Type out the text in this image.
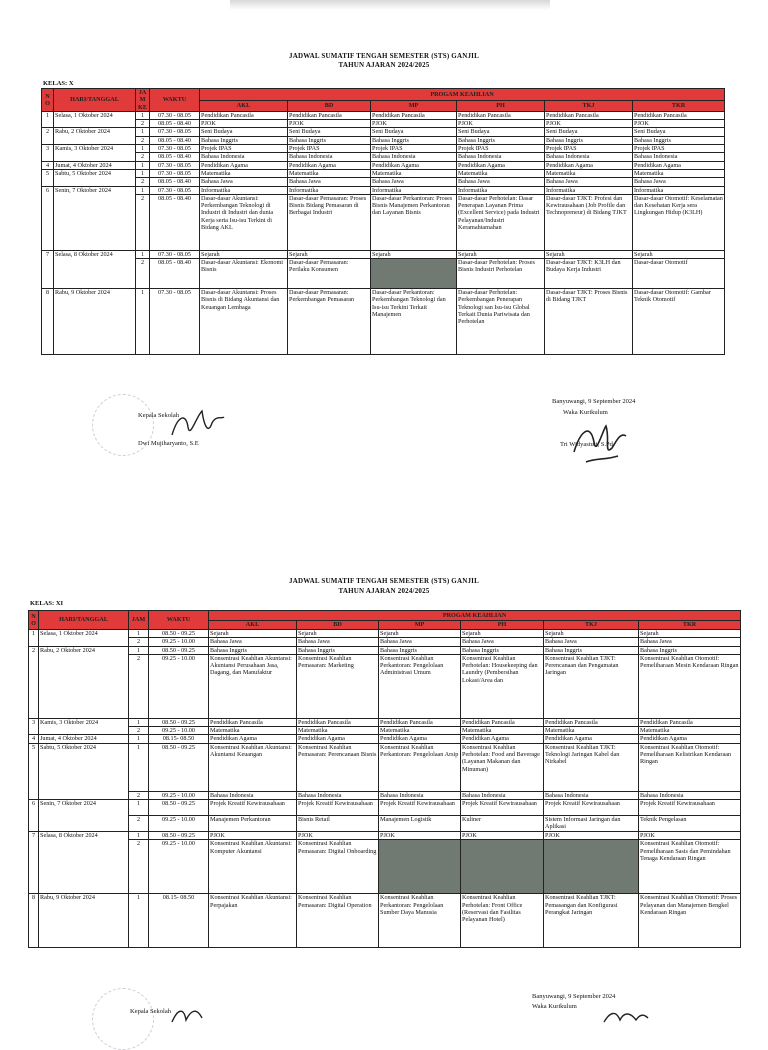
JADWAL SUMATIF TENGAH SEMESTER (STS) GANJIL
TAHUN AJARAN 2024/2025
KELAS: X
NO	HARI/TANGGAL	JAM KE	WAKTU	PROGAM KEAHLIAN					
				AKL	BD	MP	PH	TKJ	TKR
1	Selasa, 1 Oktober 2024	1	07.30 - 08.05	Pendidikan Pancasila	Pendidikan Pancasila	Pendidikan Pancasila	Pendidikan Pancasila	Pendidikan Pancasila	Pendidikan Pancasila
		2	08.05 - 08.40	PJOK	PJOK	PJOK	PJOK	PJOK	PJOK
2	Rabu, 2 Oktober 2024	1	07.30 - 08.05	Seni Budaya	Seni Budaya	Seni Budaya	Seni Budaya	Seni Budaya	Seni Budaya
		2	08.05 - 08.40	Bahasa Inggris	Bahasa Inggris	Bahasa Inggris	Bahasa Inggris	Bahasa Inggris	Bahasa Inggris
3	Kamis, 3 Oktober 2024	1	07.30 - 08.05	Projek IPAS	Projek IPAS	Projek IPAS	Projek IPAS	Projek IPAS	Projek IPAS
		2	08.05 - 08.40	Bahasa Indonesia	Bahasa Indonesia	Bahasa Indonesia	Bahasa Indonesia	Bahasa Indonesia	Bahasa Indonesia
4	Jumat, 4 Oktober 2024	1	07.30 - 08.05	Pendidikan Agama	Pendidikan Agama	Pendidikan Agama	Pendidikan Agama	Pendidikan Agama	Pendidikan Agama
5	Sabtu, 5 Oktober 2024	1	07.30 - 08.05	Matematika	Matematika	Matematika	Matematika	Matematika	Matematika
		2	08.05 - 08.40	Bahasa Jawa	Bahasa Jawa	Bahasa Jawa	Bahasa Jawa	Bahasa Jawa	Bahasa Jawa
6	Senin, 7 Oktober 2024	1	07.30 - 08.05	Informatika	Informatika	Informatika	Informatika	Informatika	Informatika
		2	08.05 - 08.40	Dasar-dasar Akuntansi: Perkembangan Teknologi di Industri di Industri dan dunia Kerja serta Isu-isu Terkini di Bidang AKL	Dasar-dasar Pemasaran: Proses Bisnis Bidang Pemasaran di Berbagai Industri	Dasar-dasar Perkantoran: Proses Bisnis Manajemen Perkantoran dan Layanan Bisnis	Dasar-dasar Perhotelan: Dasar Penerapan Layanan Prima (Excellent Service) pada Industri Pelayanan/Industri Keramahtamahan	Dasar-dasar TJKT: Profesi dan Kewirausahaan (Job Profile dan Technopreneur) di Bidang TJKT	Dasar-dasar Otomotif: Keselamatan dan Kesehatan Kerja sera Lingkungan Hidup (K3LH)
7	Selasa, 8 Oktober 2024	1	07.30 - 08.05	Sejarah	Sejarah	Sejarah	Sejarah	Sejarah	Sejarah
		2	08.05 - 08.40	Dasar-dasar Akuntansi: Ekonomi Bisnis	Dasar-dasar Pemasaran: Perilaku Konsumen		Dasar-dasar Perhotelan: Proses Bisnis Industri Perhotelan	Dasar-dasar TJKT: K3LH dan Budaya Kerja Industri	Dasar-dasar Otomotif
8	Rabu, 9 Oktober 2024	1	07.30 - 08.05	Dasar-dasar Akuntansi: Proses Bisnis di Bidang Akuntansi dan Keuangan Lembaga	Dasar-dasar Pemasaran: Perkembangan Pemasaran	Dasar-dasar Perkantoran: Perkembangan Teknologi dan Isu-isu Terkini Terkait Manajemen	Dasar-dasar Perhotelan: Perkembangan Penerapan Teknologi san Isu-isu Global Terkait Dunia Pariwisata dan Perhotelan	Dasar-dasar TJKT: Proses Bisnis di Bidang TJKT	Dasar-dasar Otomotif: Gambar Teknik Otomotif
Kepala Sekolah
Dwi Mujiharyanto, S.E
Banyuwangi, 9 September 2024
Waka Kurikulum
Tri Widyastuti, S.Pd
JADWAL SUMATIF TENGAH SEMESTER (STS) GANJIL
TAHUN AJARAN 2024/2025
KELAS: XI
NO	HARI/TANGGAL	JAM	WAKTU	PROGAM KEAHLIAN					
				AKL	BD	MP	PH	TKJ	TKR
1	Selasa, 1 Oktober 2024	1	08.50 - 09.25	Sejarah	Sejarah	Sejarah	Sejarah	Sejarah	Sejarah
		2	09.25 - 10.00	Bahasa Jawa	Bahasa Jawa	Bahasa Jawa	Bahasa Jawa	Bahasa Jawa	Bahasa Jawa
2	Rabu, 2 Oktober 2024	1	08.50 - 09.25	Bahasa Inggris	Bahasa Inggris	Bahasa Inggris	Bahasa Inggris	Bahasa Inggris	Bahasa Inggris
		2	09.25 - 10.00	Konsentrasi Keahlian Akuntansi: Akuntansi Perusahaan Jasa, Dagang, dan Manufaktur	Konsentrasi Keahlian Pemasaran: Marketing	Konsentrasi Keahlian Perkantoran: Pengelolaan Administrasi Umum	Konsentrasi Keahlian Perhotelan: Housekeeping dan Laundry (Pembersihan Lokasi/Area dan	Konsentrasi Keahlian TJKT: Perencanaan dan Pengamatan Jaringan	Konsentrasi Keahlian Otomotif: Pemeliharaan Mesin Kendaraan Ringan
3	Kamis, 3 Oktober 2024	1	08.50 - 09.25	Pendidikan Pancasila	Pendidikan Pancasila	Pendidikan Pancasila	Pendidikan Pancasila	Pendidikan Pancasila	Pendidikan Pancasila
		2	09.25 - 10.00	Matematika	Matematika	Matematika	Matematika	Matematika	Matematika
4	Jumat, 4 Oktober 2024	1	08.15- 08.50	Pendidikan Agama	Pendidikan Agama	Pendidikan Agama	Pendidikan Agama	Pendidikan Agama	Pendidikan Agama
5	Sabtu, 5 Oktober 2024	1	08.50 - 09.25	Konsentrasi Keahlian Akuntansi: Akuntansi Keuangan	Konsentrasi Keahlian Pemasaran: Perencanaan Bisnis	Konsentrasi Keahlian Perkantoran: Pengelolaan Arsip	Konsentrasi Keahlian Perhotelan: Food and Baverage (Layanan Makanan dan Minuman)	Konsentrasi Keahlian TJKT: Teknologi Jaringan Kabel dan Nirkabel	Konsentrasi Keahlian Otomotif: Pemeliharaan Kelistrikan Kendaraan Ringan
		2	09.25 - 10.00	Bahasa Indonesia	Bahasa Indonesia	Bahasa Indonesia	Bahasa Indonesia	Bahasa Indonesia	Bahasa Indonesia
6	Senin, 7 Oktober 2024	1	08.50 - 09.25	Projek Kreatif Kewirausahaan	Projek Kreatif Kewirausahaan	Projek Kreatif Kewirausahaan	Projek Kreatif Kewirausahaan	Projek Kreatif Kewirausahaan	Projek Kreatif Kewirausahaan
		2	09.25 - 10.00	Manajemen Perkantoran	Bisnis Retail	Manajemen Logistik	Kuliner	Sistem Informasi Jaringan dan Aplikasi	Teknik Pengelasan
7	Selasa, 8 Oktober 2024	1	08.50 - 09.25	PJOK	PJOK	PJOK	PJOK	PJOK	PJOK
		2	09.25 - 10.00	Konsentrasi Keahlian Akuntansi: Komputer Akuntansi	Konsentrasi Keahlian Pemasaran: Digital Onboarding				Konsentrasi Keahlian Otomotif: Pemeliharaan Sasis dan Pemindahan Tenaga Kendaraan Ringan
8	Rabu, 9 Oktober 2024	1	08.15- 08.50	Konsentrasi Keahlian Akuntansi: Perpajakan	Konsentrasi Keahlian Pemasaran: Digital Operation	Konsentrasi Keahlian Perkantoran: Pengelolaan Sumber Daya Manusia	Konsentrasi Keahlian Perhotelan: Front Office (Reservasi dan Fasilitas Pelayanan Hotel)	Konsentrasi Keahlian TJKT: Pemasangan dan Konfigurasi Perangkat Jaringan	Konsentrasi Keahlian Otomotif: Proses Pelayanan dan Manajemen Bengkel Kendaraan Ringan
Kepala Sekolah
Banyuwangi, 9 September 2024
Waka Kurikulum
